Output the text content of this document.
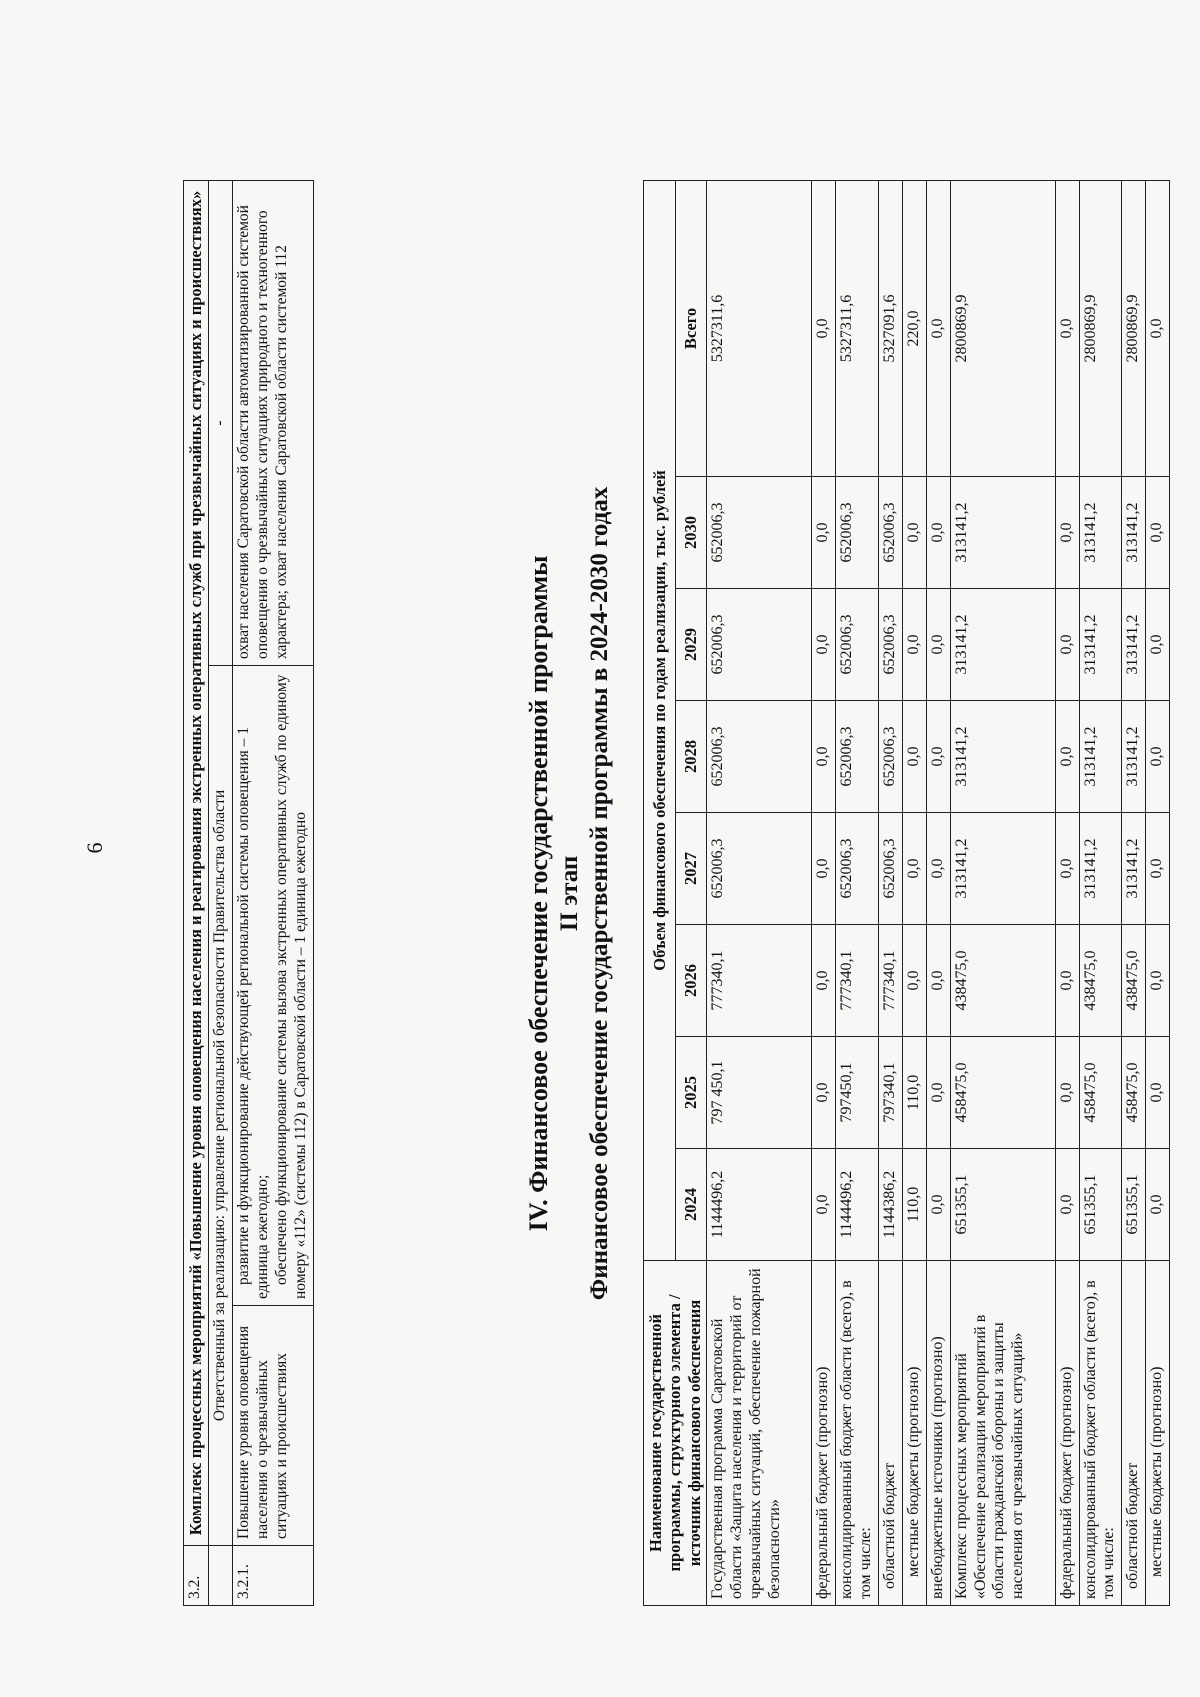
6
3.2.	Комплекс процессных мероприятий «Повышение уровня оповещения населения и реагирования экстренных оперативных служб при чрезвычайных ситуациях и происшествиях»		
	Ответственный за реализацию: управление региональной безопасности Правительства области		-
3.2.1.	Повышение уровня оповещения населения о чрезвычайных ситуациях и происшествиях	развитие и функционирование действующей региональной системы оповещения – 1 единица ежегодно; обеспечено функционирование системы вызова экстренных оперативных служб по единому номеру «112» (системы 112) в Саратовской области – 1 единица ежегодно	охват населения Саратовской области автоматизированной системой оповещения о чрезвычайных ситуациях природного и техногенного характера; охват населения Саратовской области системой 112
IV. Финансовое обеспечение государственной программы II этап Финансовое обеспечение государственной программы в 2024-2030 годах
Наименование государственной программы, структурного элемента / источник финансового обеспечения	Объем финансового обеспечения по годам реализации, тыс. рублей							
	2024	2025	2026	2027	2028	2029	2030	Всего
Государственная программа Саратовской области «Защита населения и территорий от чрезвычайных ситуаций, обеспечение пожарной безопасности»	1144496,2	797 450,1	777340,1	652006,3	652006,3	652006,3	652006,3	5327311,6
федеральный бюджет (прогнозно)	0,0	0,0	0,0	0,0	0,0	0,0	0,0	0,0
консолидированный бюджет области (всего), в том числе:	1144496,2	797450,1	777340,1	652006,3	652006,3	652006,3	652006,3	5327311,6
областной бюджет	1144386,2	797340,1	777340,1	652006,3	652006,3	652006,3	652006,3	5327091,6
местные бюджеты (прогнозно)	110,0	110,0	0,0	0,0	0,0	0,0	0,0	220,0
внебюджетные источники (прогнозно)	0,0	0,0	0,0	0,0	0,0	0,0	0,0	0,0
Комплекс процессных мероприятий «Обеспечение реализации мероприятий в области гражданской обороны и защиты населения от чрезвычайных ситуаций»	651355,1	458475,0	438475,0	313141,2	313141,2	313141,2	313141,2	2800869,9
федеральный бюджет (прогнозно)	0,0	0,0	0,0	0,0	0,0	0,0	0,0	0,0
консолидированный бюджет области (всего), в том числе:	651355,1	458475,0	438475,0	313141,2	313141,2	313141,2	313141,2	2800869,9
областной бюджет	651355,1	458475,0	438475,0	313141,2	313141,2	313141,2	313141,2	2800869,9
местные бюджеты (прогнозно)	0,0	0,0	0,0	0,0	0,0	0,0	0,0	0,0
